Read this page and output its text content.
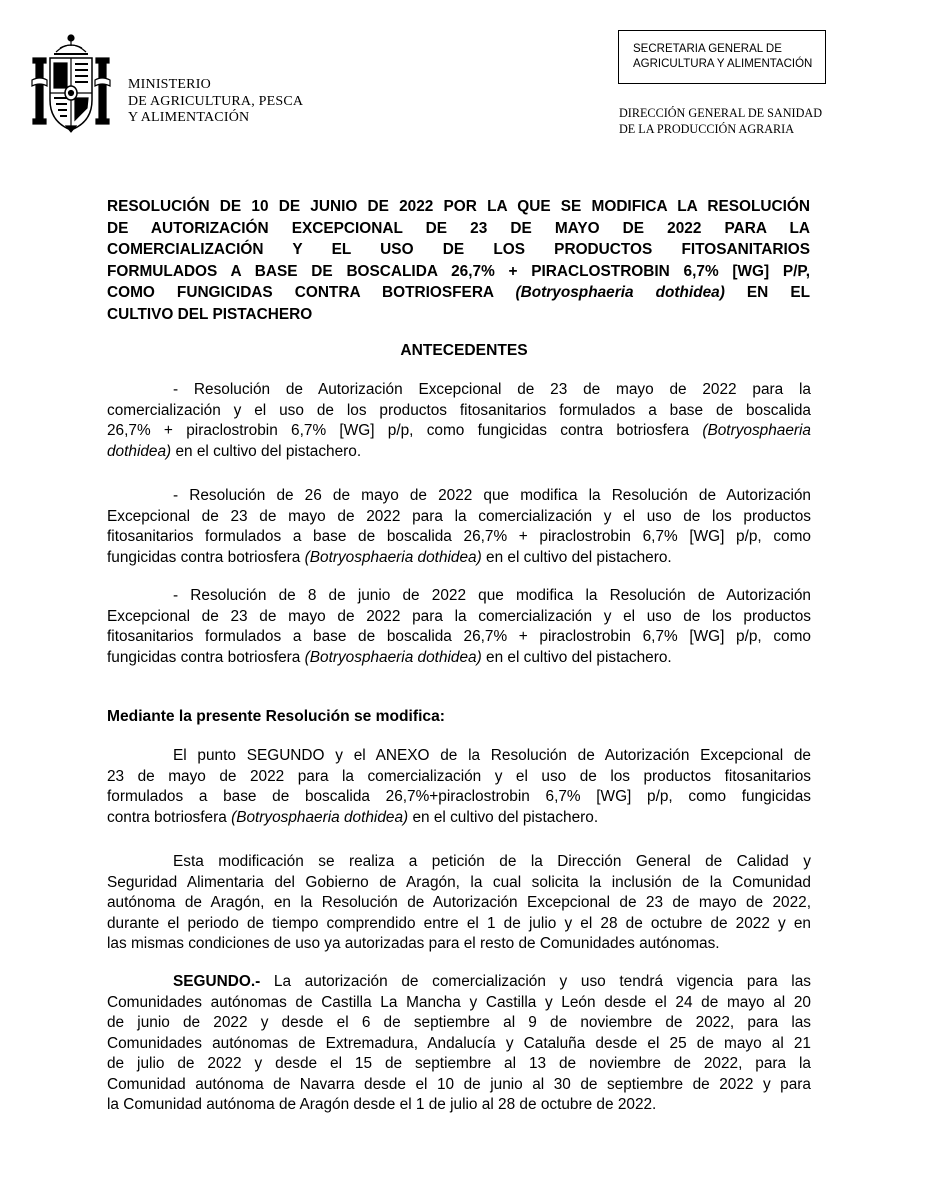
MINISTERIO
DE AGRICULTURA, PESCA
Y ALIMENTACIÓN
SECRETARIA GENERAL DE
AGRICULTURA Y ALIMENTACIÓN
DIRECCIÓN GENERAL DE SANIDAD
DE LA PRODUCCIÓN AGRARIA
RESOLUCIÓN DE 10 DE JUNIO DE 2022 POR LA QUE SE MODIFICA LA RESOLUCIÓN
DE AUTORIZACIÓN EXCEPCIONAL DE 23 DE MAYO DE 2022 PARA LA
COMERCIALIZACIÓN Y EL USO DE LOS PRODUCTOS FITOSANITARIOS
FORMULADOS A BASE DE BOSCALIDA 26,7% + PIRACLOSTROBIN 6,7% [WG] P/P,
COMO FUNGICIDAS CONTRA BOTRIOSFERA (Botryosphaeria dothidea) EN EL
CULTIVO DEL PISTACHERO
ANTECEDENTES
- Resolución de Autorización Excepcional de 23 de mayo de 2022 para la
comercialización y el uso de los productos fitosanitarios formulados a base de boscalida
26,7% + piraclostrobin 6,7% [WG] p/p, como fungicidas contra botriosfera (Botryosphaeria
dothidea) en el cultivo del pistachero.
- Resolución de 26 de mayo de 2022 que modifica la Resolución de Autorización
Excepcional de 23 de mayo de 2022 para la comercialización y el uso de los productos
fitosanitarios formulados a base de boscalida 26,7% + piraclostrobin 6,7% [WG] p/p, como
fungicidas contra botriosfera (Botryosphaeria dothidea) en el cultivo del pistachero.
- Resolución de 8 de junio de 2022 que modifica la Resolución de Autorización
Excepcional de 23 de mayo de 2022 para la comercialización y el uso de los productos
fitosanitarios formulados a base de boscalida 26,7% + piraclostrobin 6,7% [WG] p/p, como
fungicidas contra botriosfera (Botryosphaeria dothidea) en el cultivo del pistachero.
Mediante la presente Resolución se modifica:
El punto SEGUNDO y el ANEXO de la Resolución de Autorización Excepcional de
23 de mayo de 2022 para la comercialización y el uso de los productos fitosanitarios
formulados a base de boscalida 26,7%+piraclostrobin 6,7% [WG] p/p, como fungicidas
contra botriosfera (Botryosphaeria dothidea) en el cultivo del pistachero.
Esta modificación se realiza a petición de la Dirección General de Calidad y
Seguridad Alimentaria del Gobierno de Aragón, la cual solicita la inclusión de la Comunidad
autónoma de Aragón, en la Resolución de Autorización Excepcional de 23 de mayo de 2022,
durante el periodo de tiempo comprendido entre el 1 de julio y el 28 de octubre de 2022 y en
las mismas condiciones de uso ya autorizadas para el resto de Comunidades autónomas.
SEGUNDO.- La autorización de comercialización y uso tendrá vigencia para las
Comunidades autónomas de Castilla La Mancha y Castilla y León desde el 24 de mayo al 20
de junio de 2022 y desde el 6 de septiembre al 9 de noviembre de 2022, para las
Comunidades autónomas de Extremadura, Andalucía y Cataluña desde el 25 de mayo al 21
de julio de 2022 y desde el 15 de septiembre al 13 de noviembre de 2022, para la
Comunidad autónoma de Navarra desde el 10 de junio al 30 de septiembre de 2022 y para
la Comunidad autónoma de Aragón desde el 1 de julio al 28 de octubre de 2022.
